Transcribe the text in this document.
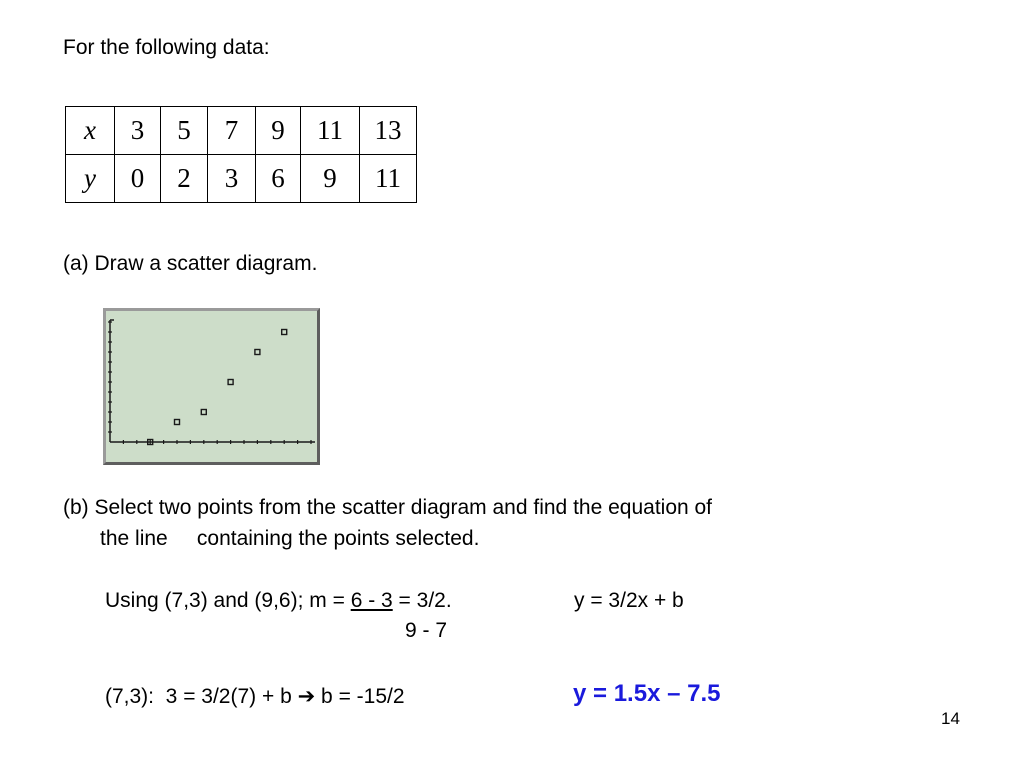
For the following data:
x	3	5	7	9	11	13
y	0	2	3	6	9	11
(a) Draw a scatter diagram.
(b) Select two points from the scatter diagram and find the equation of
the line     containing the points selected.
Using (7,3) and (9,6); m = 6 - 3 = 3/2.
9 - 7
y = 3/2x + b
(7,3):  3 = 3/2(7) + b ➔ b = -15/2	y = 1.5x – 7.5
14
